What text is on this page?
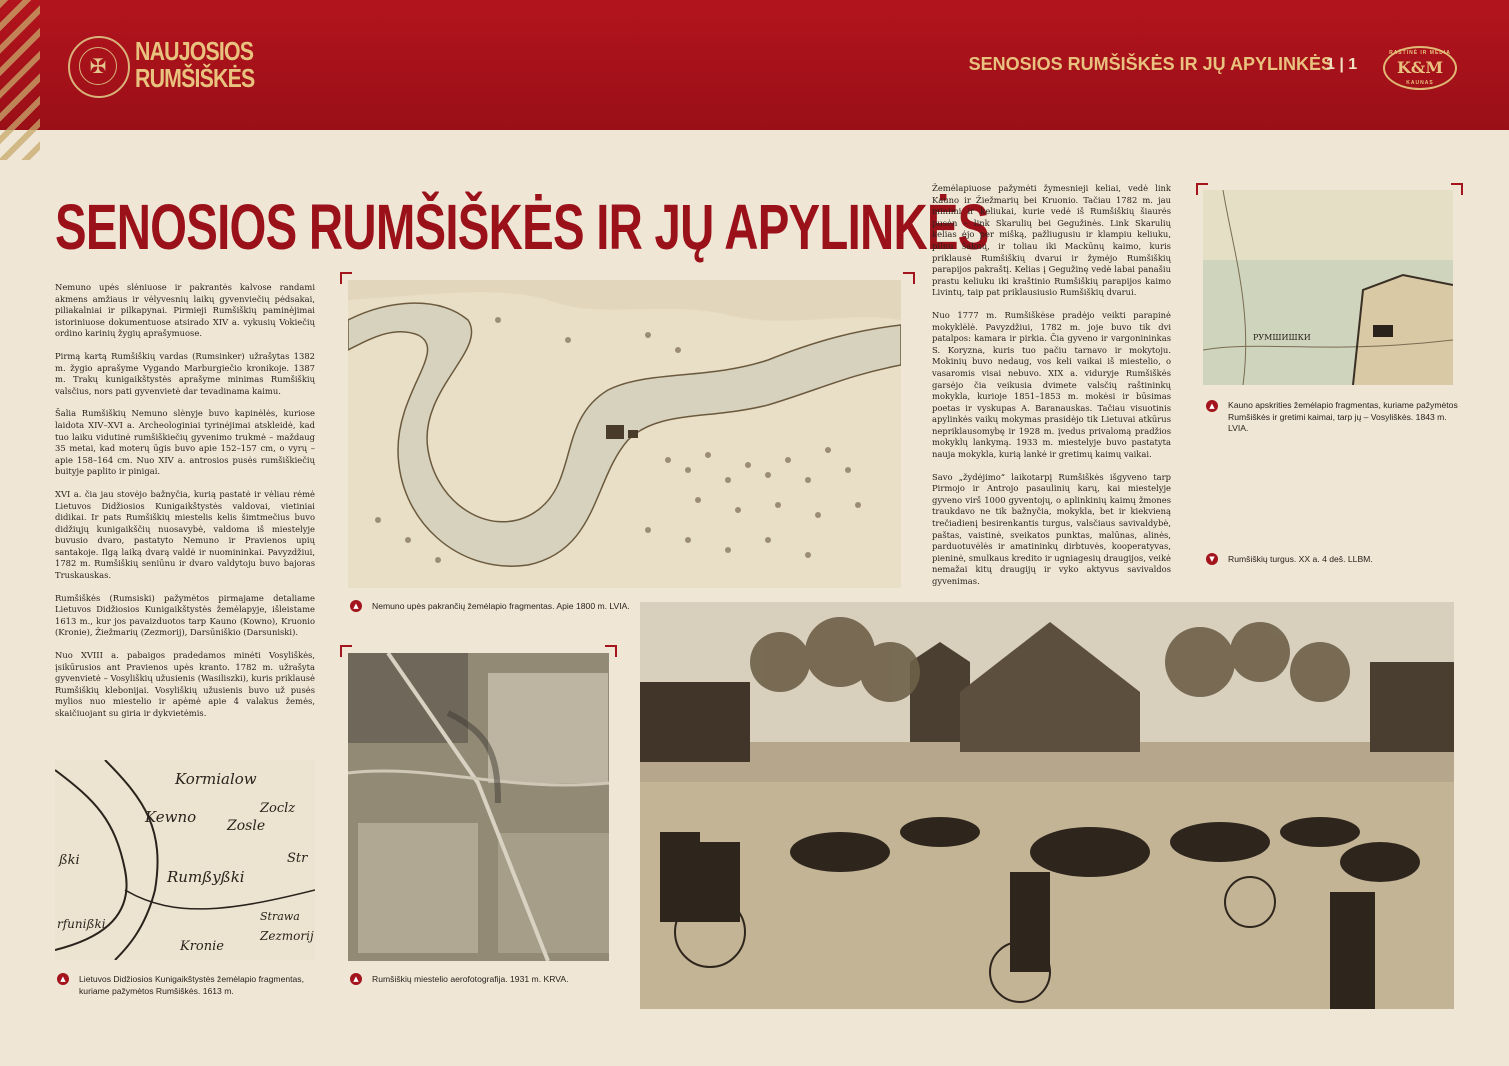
✠	NAUJOSIOS
RUMŠIŠKĖS	SENOSIOS RUMŠIŠKĖS IR JŲ APYLINKĖS
1 | 1
RAŠTINĖ IR MEDIA
K&M
KAUNAS
SENOSIOS RUMŠIŠKĖS IR JŲ APYLINKĖS

Nemuno upės slėniuose ir pakrantės kalvose randami akmens amžiaus ir vėlyvesnių laikų gyvenviečių pėdsakai, piliakalniai ir pilkapynai. Pirmieji Rumšiškių paminėjimai istoriniuose dokumentuose atsirado XIV a. vykusių Vokiečių ordino karinių žygių aprašymuose.

Pirmą kartą Rumšiškių vardas (Rumsinker) užrašytas 1382 m. žygio aprašyme Vygando Marburgiečio kronikoje. 1387 m. Trakų kunigaikštystės aprašyme minimas Rumšiškių valsčius, nors pati gyvenvietė dar tevadinama kaimu.

Šalia Rumšiškių Nemuno slėnyje buvo kapinėlės, kuriose laidota XIV–XVI a. Archeologiniai tyrinėjimai atskleidė, kad tuo laiku vidutinė rumšiškiečių gyvenimo trukmė – maždaug 35 metai, kad moterų ūgis buvo apie 152–157 cm, o vyrų – apie 158–164 cm. Nuo XIV a. antrosios pusės rumšiškiečių buityje paplito ir pinigai.

XVI a. čia jau stovėjo bažnyčia, kurią pastatė ir vėliau rėmė Lietuvos Didžiosios Kunigaikštystės valdovai, vietiniai didikai. Ir pats Rumšiškių miestelis kelis šimtmečius buvo didžiųjų kunigaikščių nuosavybė, valdoma iš miestelyje buvusio dvaro, pastatyto Nemuno ir Pravienos upių santakoje. Ilgą laiką dvarą valdė ir nuomininkai. Pavyzdžiui, 1782 m. Rumšiškių seniūnu ir dvaro valdytoju buvo bajoras Truskauskas.

Rumšiškės (Rumsiski) pažymėtos pirmajame detaliame Lietuvos Didžiosios Kunigaikštystės žemėlapyje, išleistame 1613 m., kur jos pavaizduotos tarp Kauno (Kowno), Kruonio (Kronie), Žiežmarių (Zezmorij), Darsūniškio (Darsuniski).

Nuo XVIII a. pabaigos pradedamos minėti Vosyliškės, įsikūrusios ant Pravienos upės kranto. 1782 m. užrašyta gyvenvietė – Vosyliškių užusienis (Wasiliszki), kuris priklausė Rumšiškių klebonijai. Vosyliškių užusienis buvo už pusės mylios nuo miestelio ir apėmė apie 4 valakus žemės, skaičiuojant su giria ir dykvietėmis.

▲	Nemuno upės pakrančių žemėlapio fragmentas. Apie 1800 m. LVIA.
▲	Rumšiškių miestelio aerofotografija. 1931 m. KRVA.
Kormialow
Kewno	Zoclz
Zosle
Str
Rumßyßki
ßki
rfunißki
Strawa
Kronie
Zezmorij
▲	Lietuvos Didžiosios Kunigaikštystės žemėlapio fragmentas, kuriame pažymėtos Rumšiškės. 1613 m.

Žemėlapiuose pažymėti žymesnieji keliai, vedė link Kauno ir Žiežmarių bei Kruonio. Tačiau 1782 m. jau minimi ir keliukai, kurie vedė iš Rumšiškių šiaurės pusėn – link Skarulių bei Gegužinės. Link Skarulių kelias ėjo per mišką, pažliugusiu ir klampiu keliuku, pilnu šaknų, ir toliau iki Mackūnų kaimo, kuris priklausė Rumšiškių dvarui ir žymėjo Rumšiškių parapijos pakraštį. Kelias į Gegužinę vedė labai panašiu prastu keliuku iki kraštinio Rumšiškių parapijos kaimo Livintų, taip pat priklausiusio Rumšiškių dvarui.

Nuo 1777 m. Rumšiškėse pradėjo veikti parapinė mokyklėlė. Pavyzdžiui, 1782 m. joje buvo tik dvi patalpos: kamara ir pirkia. Čia gyveno ir vargonininkas S. Koryzna, kuris tuo pačiu tarnavo ir mokytoju. Mokinių buvo nedaug, vos keli vaikai iš miestelio, o vasaromis visai nebuvo. XIX a. viduryje Rumšiškės garsėjo čia veikusia dvimete valsčių raštininkų mokykla, kurioje 1851–1853 m. mokėsi ir būsimas poetas ir vyskupas A. Baranauskas. Tačiau visuotinis apylinkės vaikų mokymas prasidėjo tik Lietuvai atkūrus nepriklausomybę ir 1928 m. įvedus privalomą pradžios mokyklų lankymą. 1933 m. miestelyje buvo pastatyta nauja mokykla, kurią lankė ir gretimų kaimų vaikai.

Savo „žydėjimo“ laikotarpį Rumšiškės išgyveno tarp Pirmojo ir Antrojo pasaulinių karų, kai miestelyje gyveno virš 1000 gyventojų, o aplinkinių kaimų žmones traukdavo ne tik bažnyčia, mokykla, bet ir kiekvieną trečiadienį besirenkantis turgus, valsčiaus savivaldybė, paštas, vaistinė, sveikatos punktas, malūnas, alinės, parduotuvėlės ir amatininkų dirbtuvės, kooperatyvas, pieninė, smulkaus kredito ir ugniagesių draugijos, veikė nemažai kitų draugijų ir vyko aktyvus savivaldos gyvenimas.

РУМШИШКИ
▲	Kauno apskrities žemėlapio fragmentas, kuriame pažymėtos Rumšiškės ir gretimi kaimai, tarp jų – Vosyliškės. 1843 m. LVIA.
▼	Rumšiškių turgus. XX a. 4 deš. LLBM.
